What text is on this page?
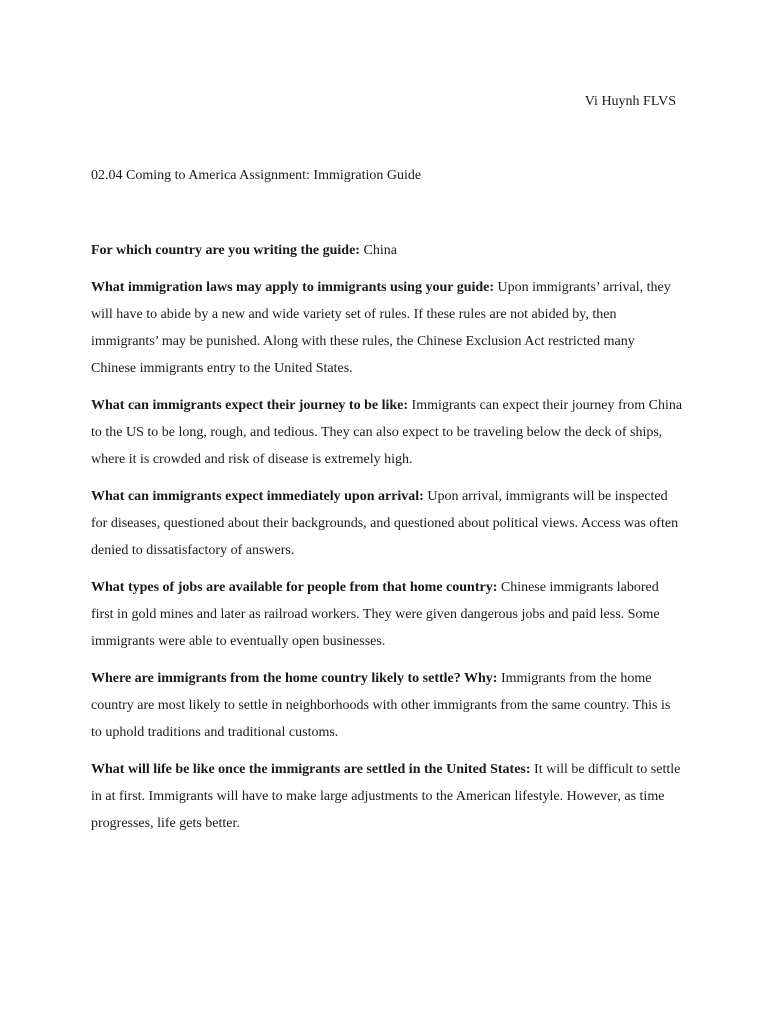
Vi Huynh FLVS
02.04 Coming to America Assignment: Immigration Guide

For which country are you writing the guide: China

What immigration laws may apply to immigrants using your guide: Upon immigrants’ arrival, they will have to abide by a new and wide variety set of rules. If these rules are not abided by, then immigrants’ may be punished. Along with these rules, the Chinese Exclusion Act restricted many Chinese immigrants entry to the United States.

What can immigrants expect their journey to be like: Immigrants can expect their journey from China to the US to be long, rough, and tedious. They can also expect to be traveling below the deck of ships, where it is crowded and risk of disease is extremely high.

What can immigrants expect immediately upon arrival: Upon arrival, immigrants will be inspected for diseases, questioned about their backgrounds, and questioned about political views. Access was often denied to dissatisfactory of answers.

What types of jobs are available for people from that home country: Chinese immigrants labored first in gold mines and later as railroad workers. They were given dangerous jobs and paid less. Some immigrants were able to eventually open businesses.

Where are immigrants from the home country likely to settle? Why: Immigrants from the home country are most likely to settle in neighborhoods with other immigrants from the same country. This is to uphold traditions and traditional customs.

What will life be like once the immigrants are settled in the United States: It will be difficult to settle in at first. Immigrants will have to make large adjustments to the American lifestyle. However, as time progresses, life gets better.
